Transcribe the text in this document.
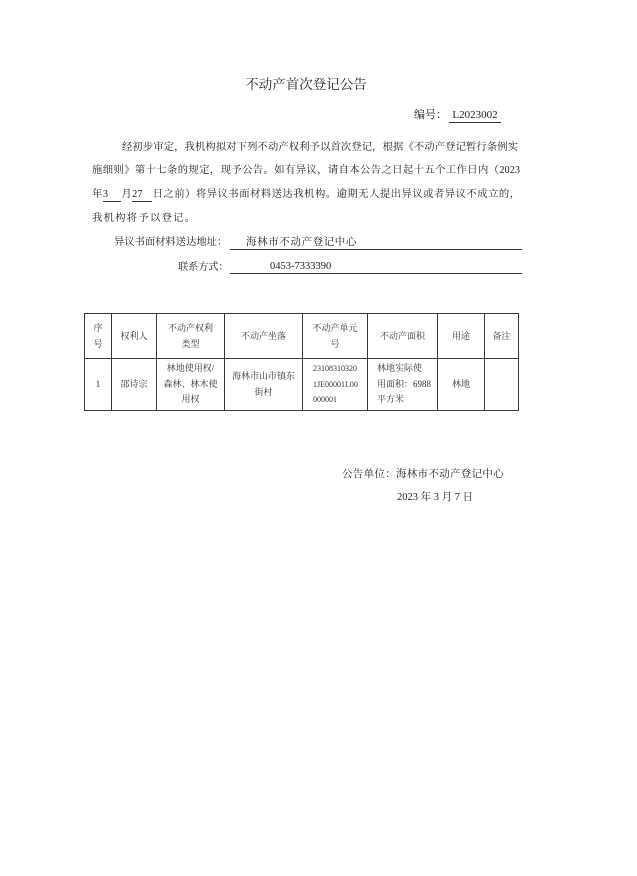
不动产首次登记公告
编号： L2023002
经初步审定，我机构拟对下列不动产权利予以首次登记，根据《不动产登记暂行条例实
施细则》第十七条的规定，现予公告。如有异议，请自本公告之日起十五个工作日内（2023
年3 月27 日之前）将异议书面材料送达我机构。逾期无人提出异议或者异议不成立的，
我机构将予以登记。
异议书面材料送达地址：	海林市不动产登记中心
联系方式：	0453-7333390
序
号	权利人	不动产权利
类型	不动产坐落	不动产单元
号	不动产面积	用途	备注
1	邵诗宗	林地使用权/
森林、林木使
用权	海林市山市镇东
街村	23108310320
1JE00001L00
000001	林地实际使
用面积：6988
平方米	林地	
公告单位：海林市不动产登记中心
2023 年 3 月 7 日
